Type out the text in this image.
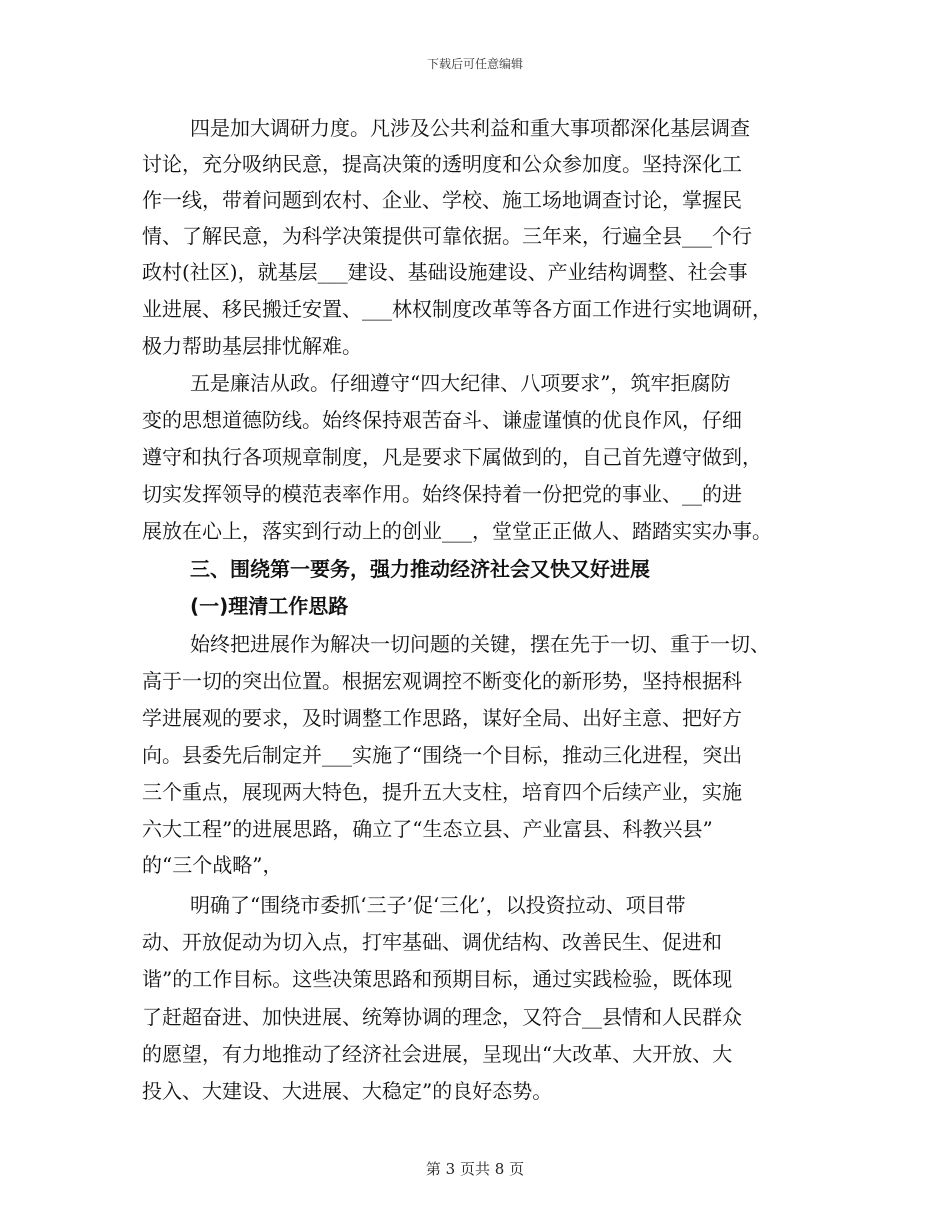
下载后可任意编辑
四是加大调研力度。凡涉及公共利益和重大事项都深化基层调查
讨论，充分吸纳民意，提高决策的透明度和公众参加度。坚持深化工
作一线，带着问题到农村、企业、学校、施工场地调查讨论，掌握民
情、了解民意，为科学决策提供可靠依据。三年来，行遍全县___个行
政村(社区)，就基层___建设、基础设施建设、产业结构调整、社会事
业进展、移民搬迁安置、___林权制度改革等各方面工作进行实地调研，
极力帮助基层排忧解难。
五是廉洁从政。仔细遵守“四大纪律、八项要求”，筑牢拒腐防
变的思想道德防线。始终保持艰苦奋斗、谦虚谨慎的优良作风，仔细
遵守和执行各项规章制度，凡是要求下属做到的，自己首先遵守做到，
切实发挥领导的模范表率作用。始终保持着一份把党的事业、__的进
展放在心上，落实到行动上的创业___，堂堂正正做人、踏踏实实办事。
三、围绕第一要务，强力推动经济社会又快又好进展
(一)理清工作思路
始终把进展作为解决一切问题的关键，摆在先于一切、重于一切、
高于一切的突出位置。根据宏观调控不断变化的新形势，坚持根据科
学进展观的要求，及时调整工作思路，谋好全局、出好主意、把好方
向。县委先后制定并___实施了“围绕一个目标，推动三化进程，突出
三个重点，展现两大特色，提升五大支柱，培育四个后续产业，实施
六大工程”的进展思路，确立了“生态立县、产业富县、科教兴县”
的“三个战略”，
明确了“围绕市委抓‘三子’促‘三化’，以投资拉动、项目带
动、开放促动为切入点，打牢基础、调优结构、改善民生、促进和
谐”的工作目标。这些决策思路和预期目标，通过实践检验，既体现
了赶超奋进、加快进展、统筹协调的理念，又符合__县情和人民群众
的愿望，有力地推动了经济社会进展，呈现出“大改革、大开放、大
投入、大建设、大进展、大稳定”的良好态势。
第 3 页共 8 页
